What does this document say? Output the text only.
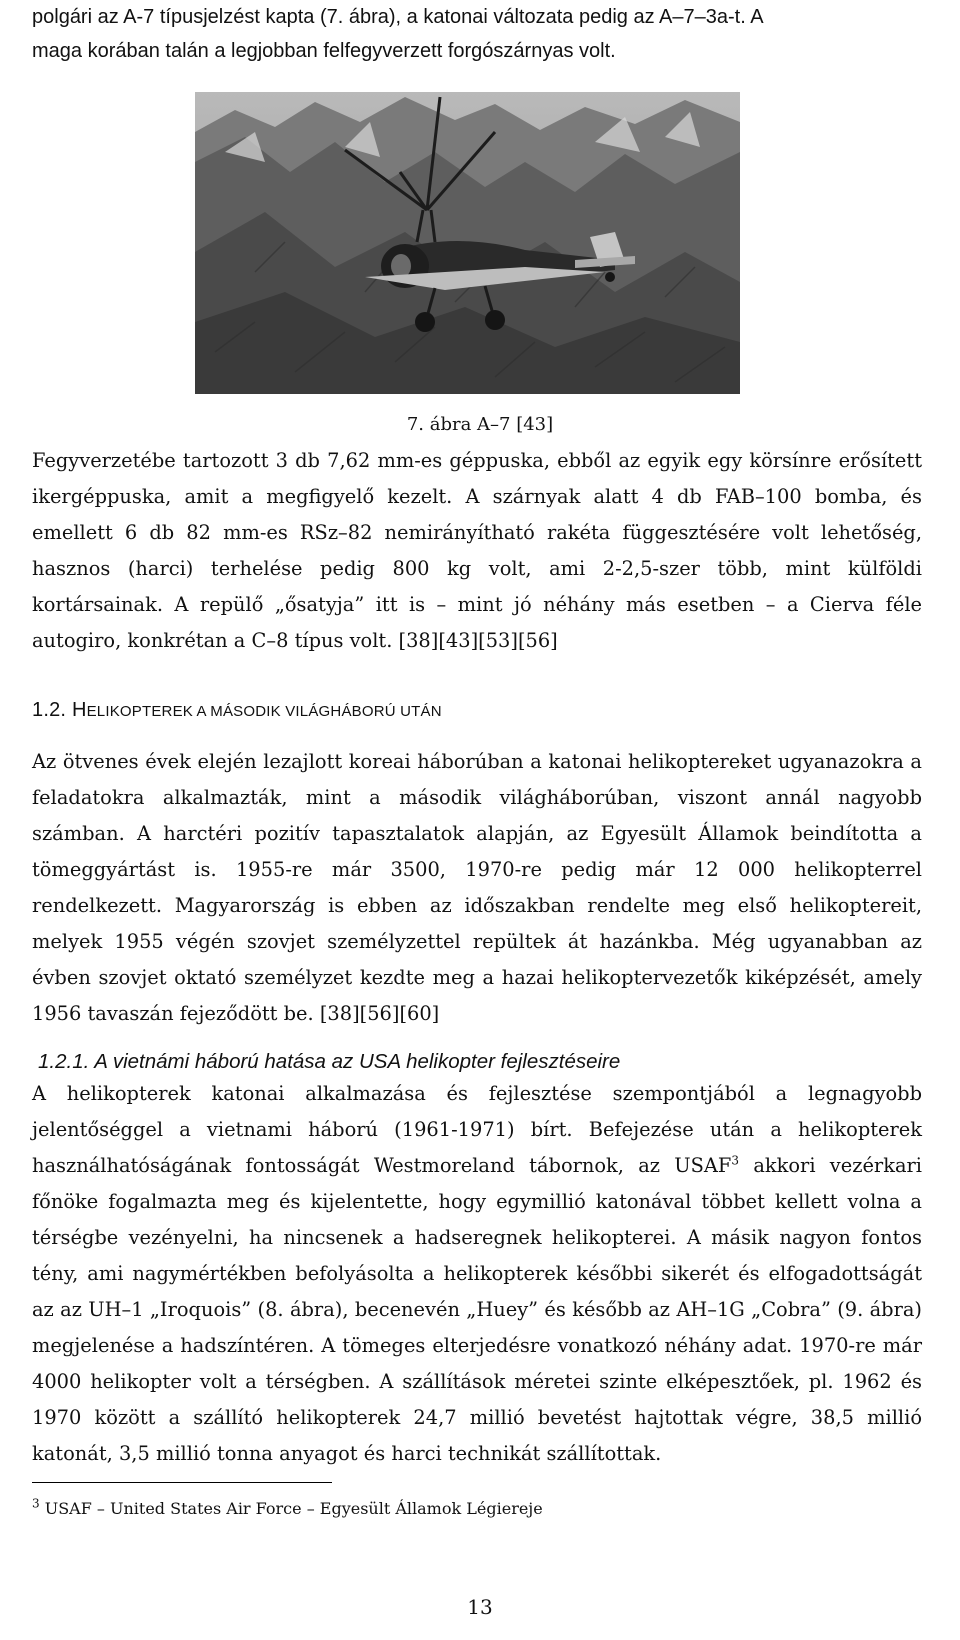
polgári az A-7 típusjelzést kapta (7. ábra), a katonai változata pedig az A–7–3a-t. A
maga korában talán a legjobban felfegyverzett forgószárnyas volt.

7. ábra A–7 [43]

Fegyverzetébe tartozott 3 db 7,62 mm-es géppuska, ebből az egyik egy körsínre erősített ikergéppuska, amit a megfigyelő kezelt. A szárnyak alatt 4 db FAB–100 bomba, és emellett 6 db 82 mm-es RSz–82 nemirányítható rakéta függesztésére volt lehetőség, hasznos (harci) terhelése pedig 800 kg volt, ami 2-2,5-szer több, mint külföldi kortársainak. A repülő „ősatyja” itt is – mint jó néhány más esetben – a Cierva féle autogiro, konkrétan a C–8 típus volt. [38][43][53][56]

1.2. HELIKOPTEREK A MÁSODIK VILÁGHÁBORÚ UTÁN

Az ötvenes évek elején lezajlott koreai háborúban a katonai helikoptereket ugyanazokra a feladatokra alkalmazták, mint a második világháborúban, viszont annál nagyobb számban. A harctéri pozitív tapasztalatok alapján, az Egyesült Államok beindította a tömeggyártást is. 1955-re már 3500, 1970-re pedig már 12 000 helikopterrel rendelkezett. Magyarország is ebben az időszakban rendelte meg első helikoptereit, melyek 1955 végén szovjet személyzettel repültek át hazánkba. Még ugyanabban az évben szovjet oktató személyzet kezdte meg a hazai helikoptervezetők kiképzését, amely 1956 tavaszán fejeződött be. [38][56][60]

1.2.1. A vietnámi háború hatása az USA helikopter fejlesztéseire

A helikopterek katonai alkalmazása és fejlesztése szempontjából a legnagyobb jelentőséggel a vietnami háború (1961-1971) bírt. Befejezése után a helikopterek használhatóságának fontosságát Westmoreland tábornok, az USAF$^3$ akkori vezérkari főnöke fogalmazta meg és kijelentette, hogy egymillió katonával többet kellett volna a térségbe vezényelni, ha nincsenek a hadseregnek helikopterei. A másik nagyon fontos tény, ami nagymértékben befolyásolta a helikopterek későbbi sikerét és elfogadottságát az az UH–1 „Iroquois” (8. ábra), becenevén „Huey” és később az AH–1G „Cobra” (9. ábra) megjelenése a hadszíntéren. A tömeges elterjedésre vonatkozó néhány adat. 1970-re már 4000 helikopter volt a térségben. A szállítások méretei szinte elképesztőek, pl. 1962 és 1970 között a szállító helikopterek 24,7 millió bevetést hajtottak végre, 38,5 millió katonát, 3,5 millió tonna anyagot és harci technikát szállítottak.

$^3$ USAF – United States Air Force – Egyesült Államok Légiereje

13
